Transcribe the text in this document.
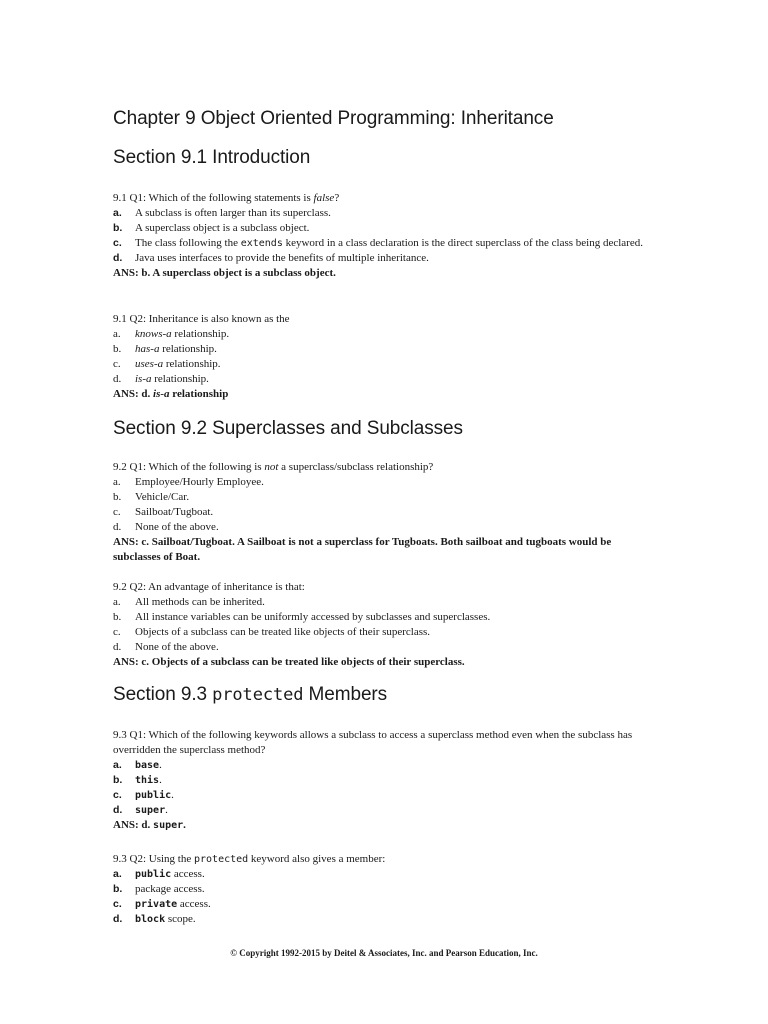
Chapter 9 Object Oriented Programming: Inheritance
Section 9.1 Introduction
9.1 Q1: Which of the following statements is false?
a.	A subclass is often larger than its superclass.
b.	A superclass object is a subclass object.
c.	The class following the extends keyword in a class declaration is the direct superclass of the class being declared.
d.	Java uses interfaces to provide the benefits of multiple inheritance.
ANS: b. A superclass object is a subclass object.
9.1 Q2: Inheritance is also known as the
a.	knows-a relationship.
b.	has-a relationship.
c.	uses-a relationship.
d.	is-a relationship.
ANS: d. is-a relationship
Section 9.2 Superclasses and Subclasses
9.2 Q1: Which of the following is not a superclass/subclass relationship?
a.	Employee/Hourly Employee.
b.	Vehicle/Car.
c.	Sailboat/Tugboat.
d.	None of the above.
ANS: c. Sailboat/Tugboat. A Sailboat is not a superclass for Tugboats. Both sailboat and tugboats would be subclasses of Boat.
9.2 Q2: An advantage of inheritance is that:
a.	All methods can be inherited.
b.	All instance variables can be uniformly accessed by subclasses and superclasses.
c.	Objects of a subclass can be treated like objects of their superclass.
d.	None of the above.
ANS: c. Objects of a subclass can be treated like objects of their superclass.
Section 9.3 protected Members
9.3 Q1: Which of the following keywords allows a subclass to access a superclass method even when the subclass has overridden the superclass method?
a.	base.
b.	this.
c.	public.
d.	super.
ANS: d. super.
9.3 Q2: Using the protected keyword also gives a member:
a.	public access.
b.	package access.
c.	private access.
d.	block scope.
© Copyright 1992-2015 by Deitel & Associates, Inc. and Pearson Education, Inc.
